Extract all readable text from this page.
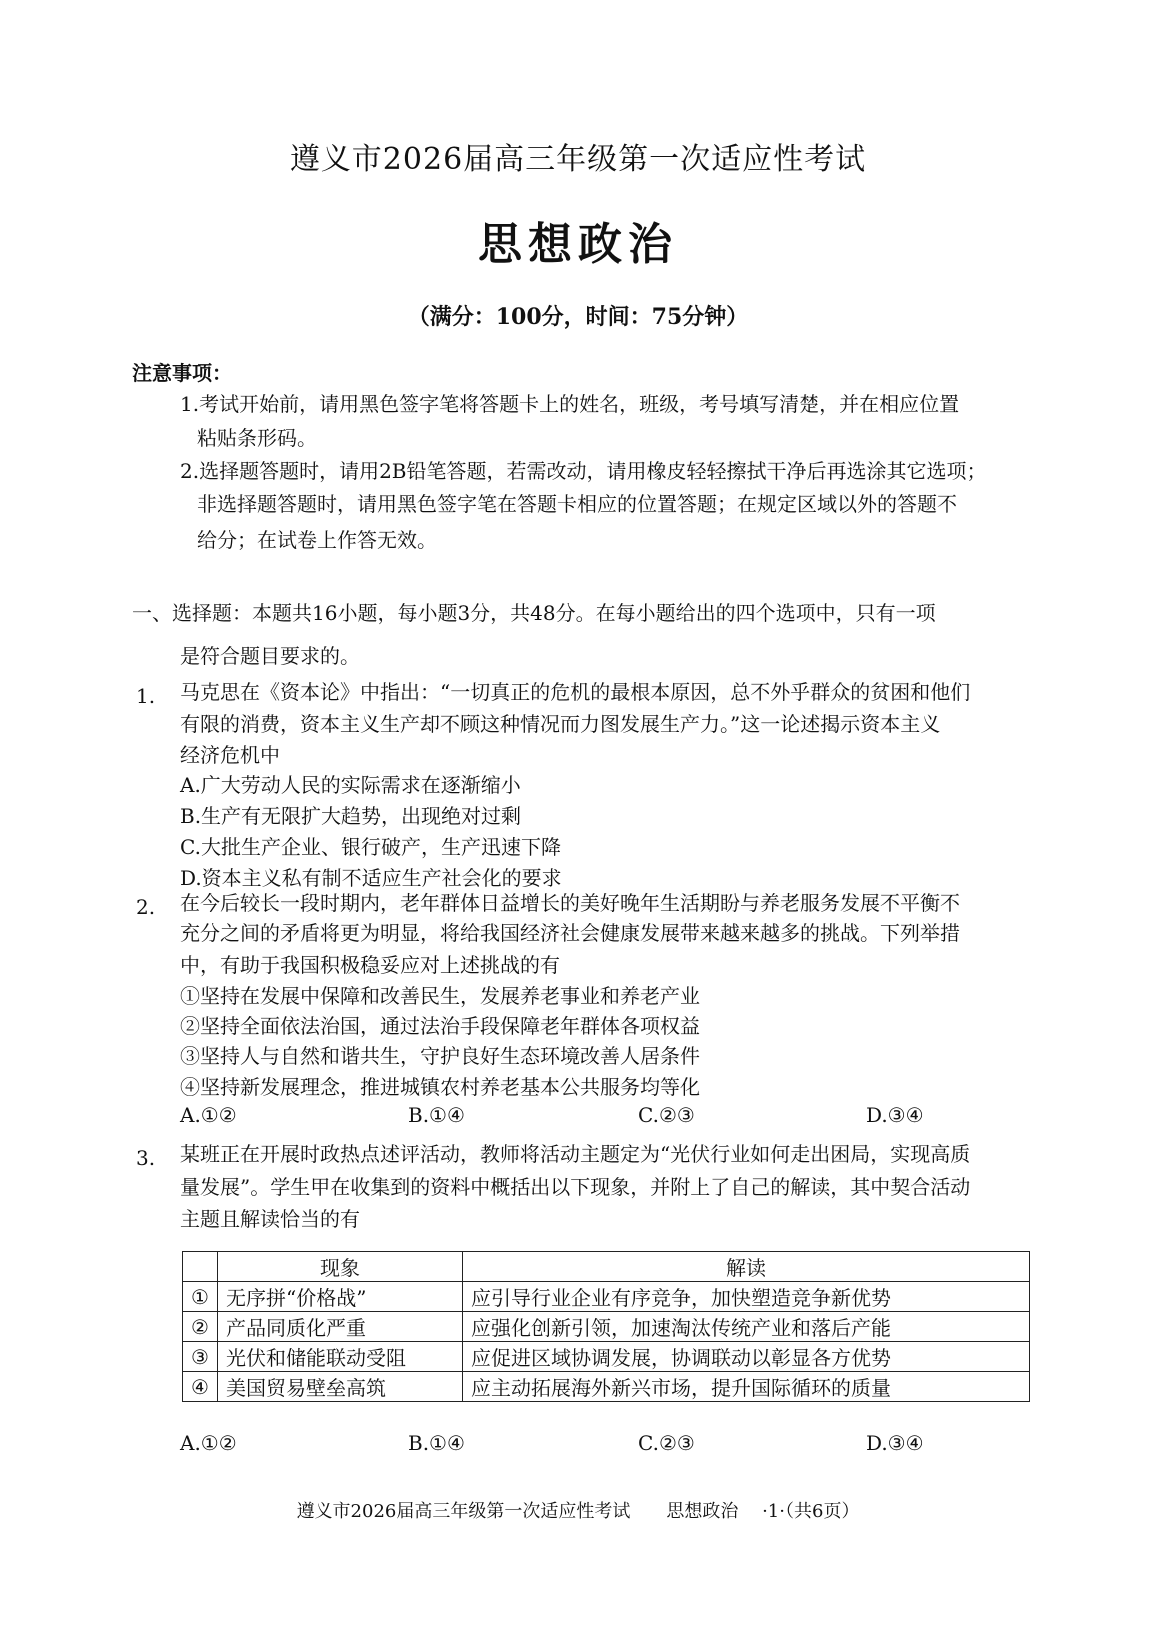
遵义市2026届高三年级第一次适应性考试
思想政治
（满分：100分，时间：75分钟）
注意事项：
1.考试开始前，请用黑色签字笔将答题卡上的姓名，班级，考号填写清楚，并在相应位置
粘贴条形码。
2.选择题答题时，请用2B铅笔答题，若需改动，请用橡皮轻轻擦拭干净后再选涂其它选项；
非选择题答题时，请用黑色签字笔在答题卡相应的位置答题；在规定区域以外的答题不
给分；在试卷上作答无效。
一、选择题：本题共16小题，每小题3分，共48分。在每小题给出的四个选项中，只有一项
是符合题目要求的。
1. 马克思在《资本论》中指出：“一切真正的危机的最根本原因，总不外乎群众的贫困和他们
有限的消费，资本主义生产却不顾这种情况而力图发展生产力。”这一论述揭示资本主义
经济危机中
A.广大劳动人民的实际需求在逐渐缩小
B.生产有无限扩大趋势，出现绝对过剩
C.大批生产企业、银行破产，生产迅速下降
D.资本主义私有制不适应生产社会化的要求
2. 在今后较长一段时期内，老年群体日益增长的美好晚年生活期盼与养老服务发展不平衡不
充分之间的矛盾将更为明显，将给我国经济社会健康发展带来越来越多的挑战。下列举措
中，有助于我国积极稳妥应对上述挑战的有
①坚持在发展中保障和改善民生，发展养老事业和养老产业
②坚持全面依法治国，通过法治手段保障老年群体各项权益
③坚持人与自然和谐共生，守护良好生态环境改善人居条件
④坚持新发展理念，推进城镇农村养老基本公共服务均等化
A.①②	B.①④	C.②③	D.③④
3. 某班正在开展时政热点述评活动，教师将活动主题定为“光伏行业如何走出困局，实现高质
量发展”。学生甲在收集到的资料中概括出以下现象，并附上了自己的解读，其中契合活动
主题且解读恰当的有
	现象	解读
①	无序拼“价格战”	应引导行业企业有序竞争，加快塑造竞争新优势
②	产品同质化严重	应强化创新引领，加速淘汰传统产业和落后产能
③	光伏和储能联动受阻	应促进区域协调发展，协调联动以彰显各方优势
④	美国贸易壁垒高筑	应主动拓展海外新兴市场，提升国际循环的质量
A.①②	B.①④	C.②③	D.③④
遵义市2026届高三年级第一次适应性考试　　思想政治　 ·1·（共6页）
